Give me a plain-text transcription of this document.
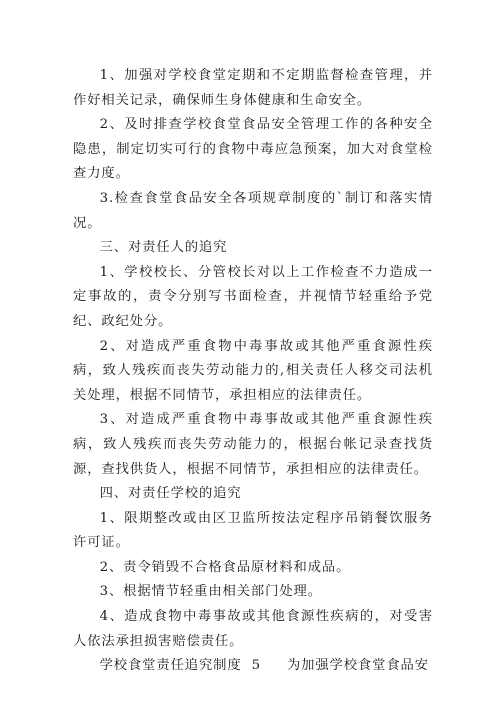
1、加强对学校食堂定期和不定期监督检查管理，并作好相关记录，确保师生身体健康和生命安全。

2、及时排查学校食堂食品安全管理工作的各种安全隐患，制定切实可行的食物中毒应急预案，加大对食堂检查力度。

3.检查食堂食品安全各项规章制度的`制订和落实情况。

三、对责任人的追究

1、学校校长、分管校长对以上工作检查不力造成一定事故的，责令分别写书面检查，并视情节轻重给予党纪、政纪处分。

2、对造成严重食物中毒事故或其他严重食源性疾病，致人残疾而丧失劳动能力的,相关责任人移交司法机关处理，根据不同情节，承担相应的法律责任。

3、对造成严重食物中毒事故或其他严重食源性疾病，致人残疾而丧失劳动能力的，根据台帐记录查找货源，查找供货人，根据不同情节，承担相应的法律责任。

四、对责任学校的追究

1、限期整改或由区卫监所按法定程序吊销餐饮服务许可证。

2、责令销毁不合格食品原材料和成品。

3、根据情节轻重由相关部门处理。

4、造成食物中毒事故或其他食源性疾病的，对受害人依法承担损害赔偿责任。

学校食堂责任追究制度 5 为加强学校食堂食品安
